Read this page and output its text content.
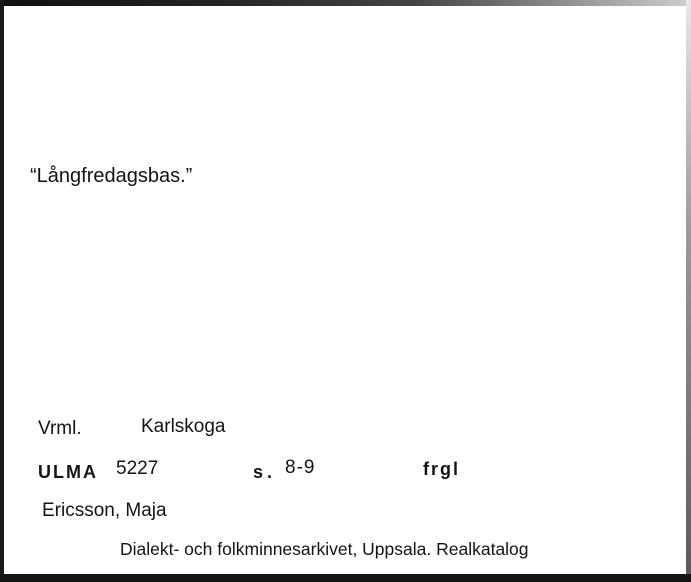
“Långfredagsbas.”
Vrml.	Karlskoga
ULMA 5227	s. 8-9	frgl
Ericsson, Maja
Dialekt- och folkminnesarkivet, Uppsala. Realkatalog
